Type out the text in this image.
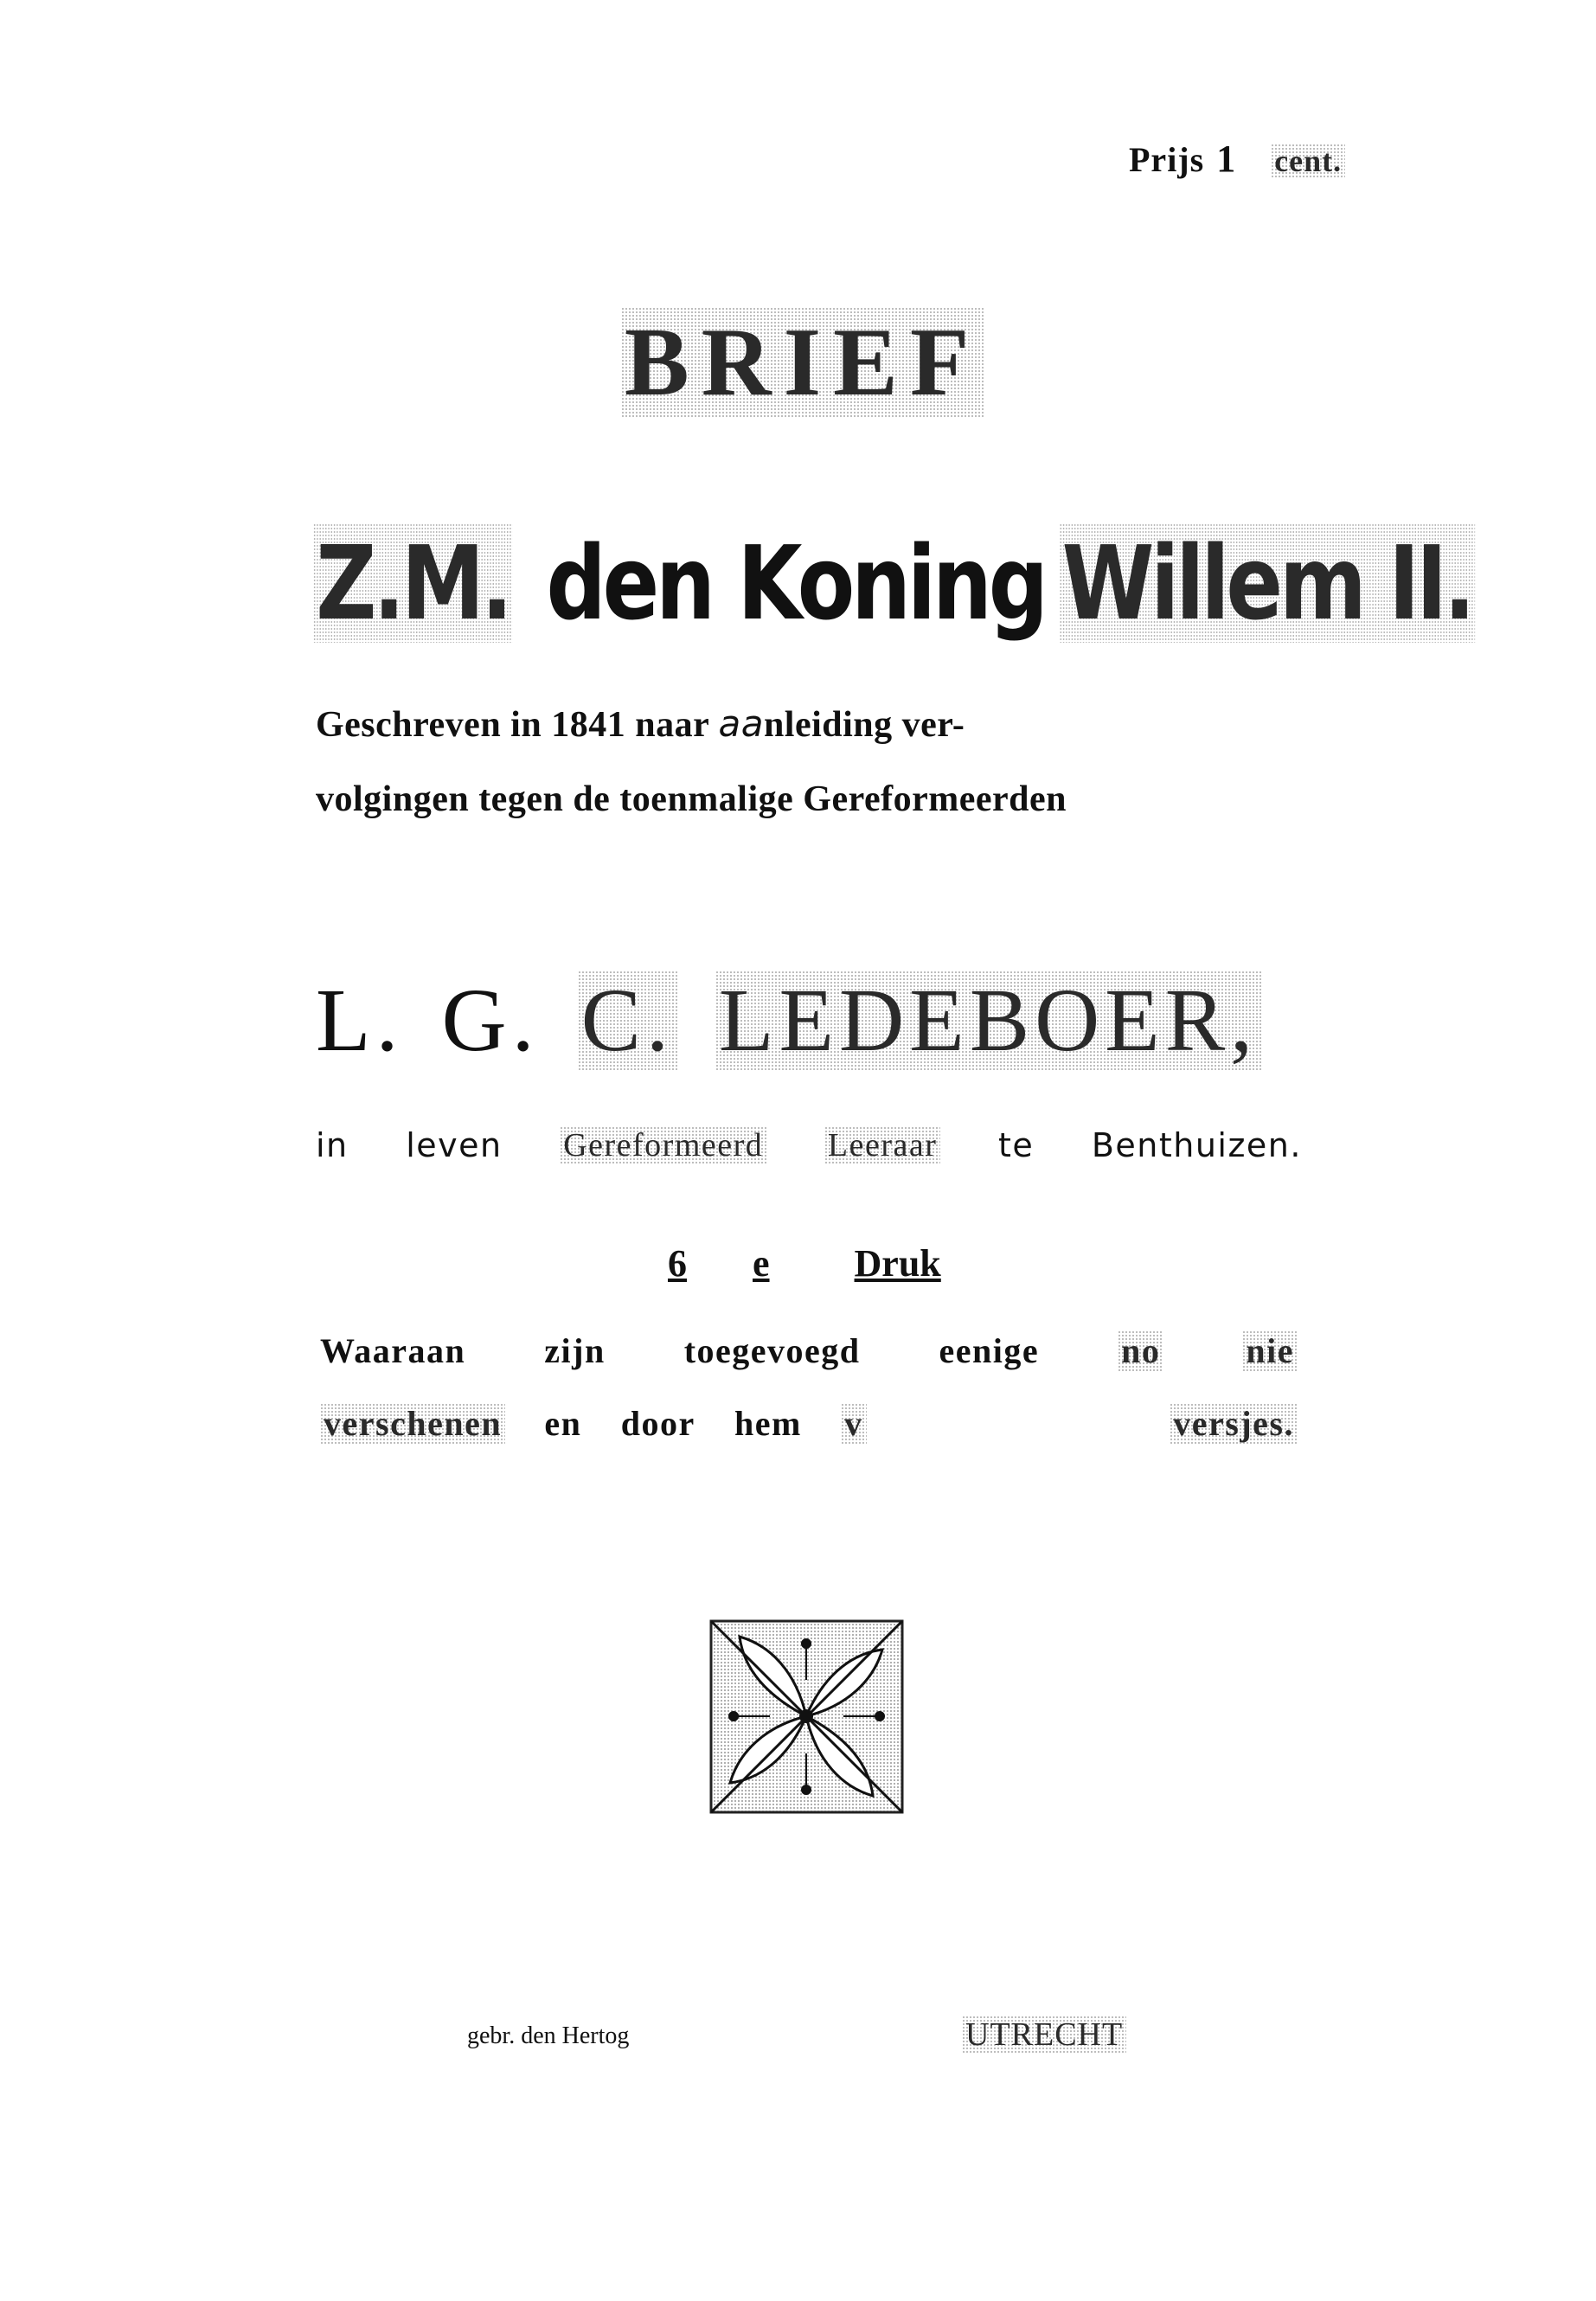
Prijs 1 cent.
BRIEF
Z.M. den Koning Willem II.
Geschreven in 1841 naar aanleiding ver-
volgingen tegen de toenmalige Gereformeerden
L. G. C. LEDEBOER,
in leven Gereformeerd Leeraar te Benthuizen.
6 e Druk
Waaraan zijn toegevoegd eenige no nie
verschenen en door hem v	versjes.
gebr. den Hertog	UTRECHT
